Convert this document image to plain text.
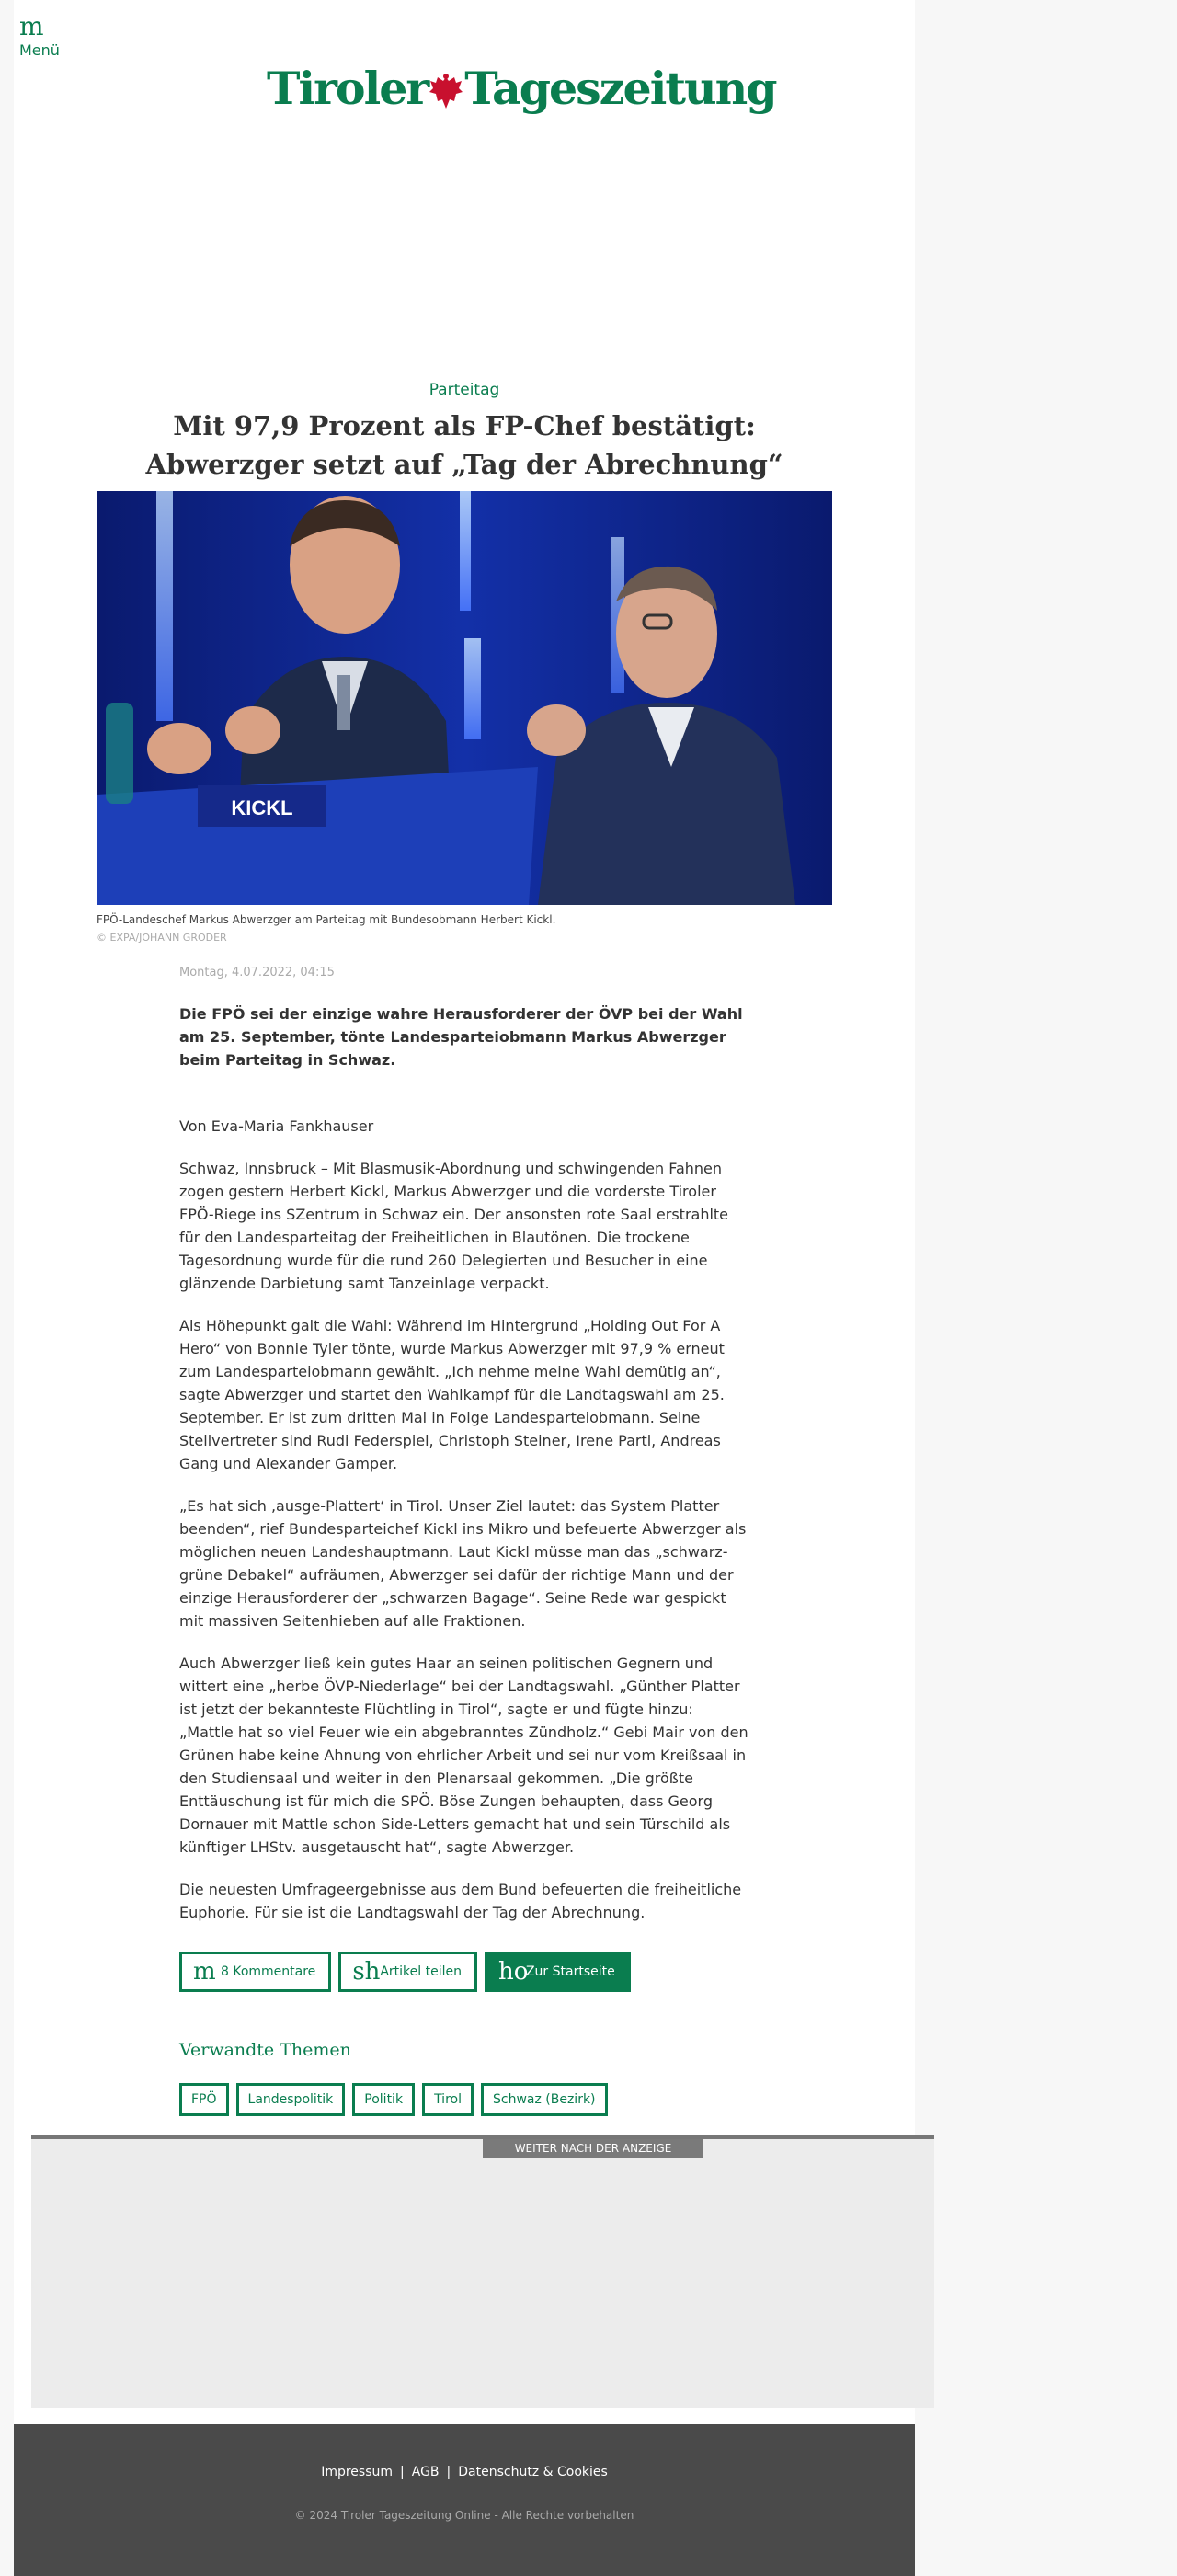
m
Menü
Tiroler Tageszeitung
Parteitag
Mit 97,9 Prozent als FP-Chef bestätigt:
Abwerzger setzt auf „Tag der Abrechnung“
KICKL
FPÖ-Landeschef Markus Abwerzger am Parteitag mit Bundesobmann Herbert Kickl.
© EXPA/JOHANN GRODER
Montag, 4.07.2022, 04:15

Die FPÖ sei der einzige wahre Herausforderer der ÖVP bei der Wahl am 25. September, tönte Landesparteiobmann Markus Abwerzger beim Parteitag in Schwaz.

Von Eva-Maria Fankhauser

Schwaz, Innsbruck – Mit Blasmusik-Abordnung und schwingenden Fahnen zogen gestern Herbert Kickl, Markus Abwerzger und die vorderste Tiroler FPÖ-Riege ins SZentrum in Schwaz ein. Der ansonsten rote Saal erstrahlte für den Landesparteitag der Freiheitlichen in Blautönen. Die trockene Tagesordnung wurde für die rund 260 Delegierten und Besucher in eine glänzende Darbietung samt Tanzeinlage verpackt.

Als Höhepunkt galt die Wahl: Während im Hintergrund „Holding Out For A Hero“ von Bonnie Tyler tönte, wurde Markus Abwerzger mit 97,9 % erneut zum Landesparteiobmann gewählt. „Ich nehme meine Wahl demütig an“, sagte Abwerzger und startet den Wahlkampf für die Landtagswahl am 25. September. Er ist zum dritten Mal in Folge Landesparteiobmann. Seine Stellvertreter sind Rudi Federspiel, Christoph Steiner, Irene Partl, Andreas Gang und Alexander Gamper.

„Es hat sich ‚ausge-Plattert‘ in Tirol. Unser Ziel lautet: das System Platter beenden“, rief Bundesparteichef Kickl ins Mikro und befeuerte Abwerzger als möglichen neuen Landeshauptmann. Laut Kickl müsse man das „schwarz-grüne Debakel“ aufräumen, Abwerzger sei dafür der richtige Mann und der einzige Herausforderer der „schwarzen Bagage“. Seine Rede war gespickt mit massiven Seitenhieben auf alle Fraktionen.

Auch Abwerzger ließ kein gutes Haar an seinen politischen Gegnern und wittert eine „herbe ÖVP-Niederlage“ bei der Landtagswahl. „Günther Platter ist jetzt der bekannteste Flüchtling in Tirol“, sagte er und fügte hinzu: „Mattle hat so viel Feuer wie ein abgebranntes Zündholz.“ Gebi Mair von den Grünen habe keine Ahnung von ehrlicher Arbeit und sei nur vom Kreißsaal in den Studiensaal und weiter in den Plenarsaal gekommen. „Die größte Enttäuschung ist für mich die SPÖ. Böse Zungen behaupten, dass Georg Dornauer mit Mattle schon Side-Letters gemacht hat und sein Türschild als künftiger LHStv. ausgetauscht hat“, sagte Abwerzger.

Die neuesten Umfrageergebnisse aus dem Bund befeuerten die freiheitliche Euphorie. Für sie ist die Landtagswahl der Tag der Abrechnung.

m 8 Kommentare sh Artikel teilen ho
Zur Startseite
Verwandte Themen
FPÖ	Landespolitik	Politik	Tirol	Schwaz (Bezirk)
WEITER NACH DER ANZEIGE
Impressum | AGB | Datenschutz & Cookies
© 2024 Tiroler Tageszeitung Online - Alle Rechte vorbehalten
